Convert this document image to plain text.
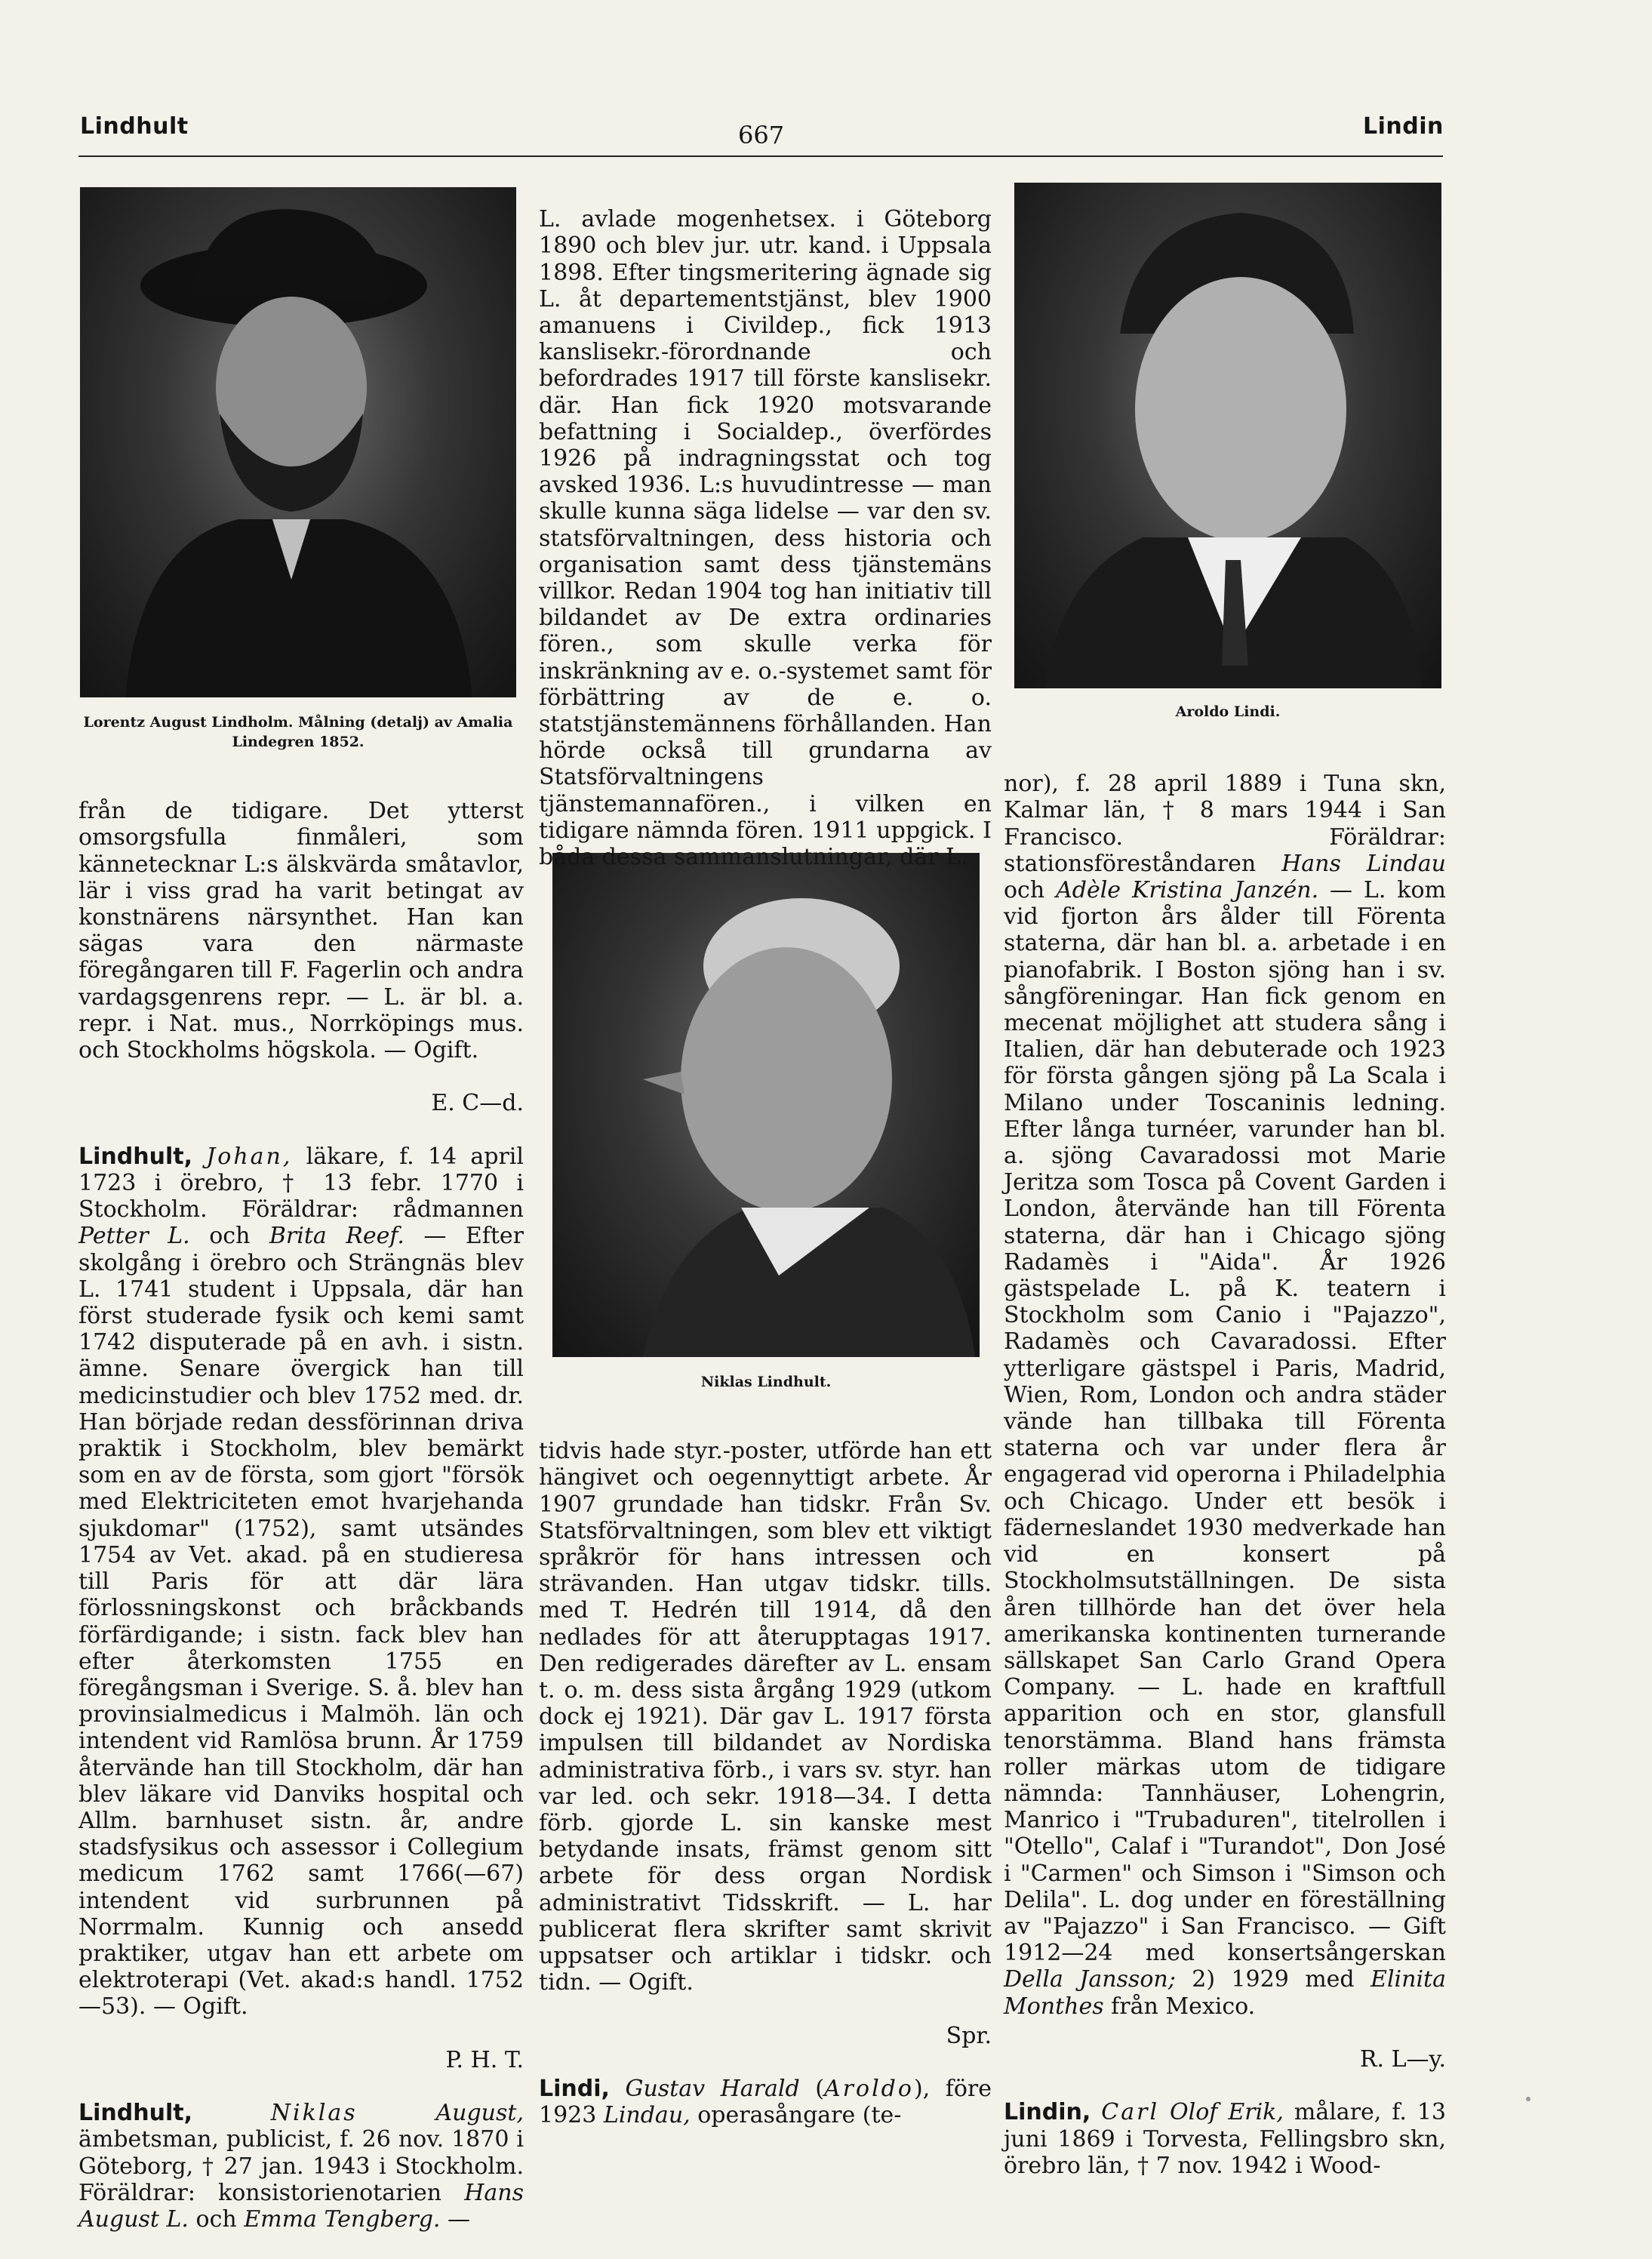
Lindhult	667	Lindin
Lorentz August Lindholm. Målning (detalj) av Amalia Lindegren 1852.
Niklas Lindhult.
Aroldo Lindi.

från de tidigare. Det ytterst omsorgsfulla finmåleri, som kännetecknar L:s älskvärda småtavlor, lär i viss grad ha varit betingat av konstnärens närsynthet. Han kan sägas vara den närmaste föregångaren till F. Fagerlin och andra vardagsgenrens repr. — L. är bl. a. repr. i Nat. mus., Norrköpings mus. och Stockholms högskola. — Ogift.

E. C—d.

Lindhult, Johan, läkare, f. 14 april 1723 i örebro, † 13 febr. 1770 i Stockholm. Föräldrar: rådmannen Petter L. och Brita Reef. — Efter skolgång i örebro och Strängnäs blev L. 1741 student i Uppsala, där han först studerade fysik och kemi samt 1742 disputerade på en avh. i sistn. ämne. Senare övergick han till medicinstudier och blev 1752 med. dr. Han började redan dessförinnan driva praktik i Stockholm, blev bemärkt som en av de första, som gjort "försök med Elektriciteten emot hvarjehanda sjukdomar" (1752), samt utsändes 1754 av Vet. akad. på en studieresa till Paris för att där lära förlossningskonst och bråckbands förfärdigande; i sistn. fack blev han efter återkomsten 1755 en föregångsman i Sverige. S. å. blev han provinsialmedicus i Malmöh. län och intendent vid Ramlösa brunn. År 1759 återvände han till Stockholm, där han blev läkare vid Danviks hospital och Allm. barnhuset sistn. år, andre stadsfysikus och assessor i Collegium medicum 1762 samt 1766(—67) intendent vid surbrunnen på Norrmalm. Kunnig och ansedd praktiker, utgav han ett arbete om elektroterapi (Vet. akad:s handl. 1752 —53). — Ogift.

P. H. T.

Lindhult,	Niklas August, ämbetsman, publicist, f. 26 nov. 1870 i Göteborg, † 27 jan. 1943 i Stockholm. Föräldrar: konsistorienotarien Hans August L. och Emma Tengberg. —

L. avlade mogenhetsex. i Göteborg 1890 och blev jur. utr. kand. i Uppsala 1898. Efter tingsmeritering ägnade sig L. åt departementstjänst, blev 1900 amanuens i Civildep., fick 1913 kanslisekr.-förordnande och befordrades 1917 till förste kanslisekr. där. Han fick 1920 motsvarande befattning i Socialdep., överfördes 1926 på indragningsstat och tog avsked 1936. L:s huvudintresse — man skulle kunna säga lidelse — var den sv. statsförvaltningen, dess historia och organisation samt dess tjänstemäns villkor. Redan 1904 tog han initiativ till bildandet av De extra ordinaries fören., som skulle verka för inskränkning av e. o.-systemet samt för förbättring av de e. o. statstjänstemännens förhållanden. Han hörde också till grundarna av Statsförvaltningens tjänstemannafören., i vilken en tidigare nämnda fören. 1911 uppgick. I båda dessa sammanslutningar, där L.

tidvis hade styr.-poster, utförde han ett hängivet och oegennyttigt arbete. År 1907 grundade han tidskr. Från Sv. Statsförvaltningen, som blev ett viktigt språkrör för hans intressen och strävanden. Han utgav tidskr. tills. med T. Hedrén till 1914, då den nedlades för att återupptagas 1917. Den redigerades därefter av L. ensam t. o. m. dess sista årgång 1929 (utkom dock ej 1921). Där gav L. 1917 första impulsen till bildandet av Nordiska administrativa förb., i vars sv. styr. han var led. och sekr. 1918—34. I detta förb. gjorde L. sin kanske mest betydande insats, främst genom sitt arbete för dess organ Nordisk administrativt Tidsskrift. — L. har publicerat flera skrifter samt skrivit uppsatser och artiklar i tidskr. och tidn. — Ogift.

Spr.

Lindi, Gustav Harald (Aroldo), före 1923 Lindau, operasångare (te-

nor), f. 28 april 1889 i Tuna skn, Kalmar län, † 8 mars 1944 i San Francisco. Föräldrar: stationsföreståndaren Hans Lindau och Adèle Kristina Janzén. — L. kom vid fjorton års ålder till Förenta staterna, där han bl. a. arbetade i en pianofabrik. I Boston sjöng han i sv. sångföreningar. Han fick genom en mecenat möjlighet att studera sång i Italien, där han debuterade och 1923 för första gången sjöng på La Scala i Milano under Toscaninis ledning. Efter långa turnéer, varunder han bl. a. sjöng Cavaradossi mot Marie Jeritza som Tosca på Covent Garden i London, återvände han till Förenta staterna, där han i Chicago sjöng Radamès i "Aida". År 1926 gästspelade L. på K. teatern i Stockholm som Canio i "Pajazzo", Radamès och Cavaradossi. Efter ytterligare gästspel i Paris, Madrid, Wien, Rom, London och andra städer vände han tillbaka till Förenta staterna och var under flera år engagerad vid operorna i Philadelphia och Chicago. Under ett besök i fäderneslandet 1930 medverkade han vid en konsert på Stockholmsutställningen. De sista åren tillhörde han det över hela amerikanska kontinenten turnerande sällskapet San Carlo Grand Opera Company. — L. hade en kraftfull apparition och en stor, glansfull tenorstämma. Bland hans främsta roller märkas utom de tidigare nämnda: Tannhäuser, Lohengrin, Manrico i "Trubaduren", titelrollen i "Otello", Calaf i "Turandot", Don José i "Carmen" och Simson i "Simson och Delila". L. dog under en föreställning av "Pajazzo" i San Francisco. — Gift 1912—24 med konsertsångerskan Della Jansson; 2) 1929 med Elinita Monthes från Mexico.

R. L—y.

Lindin, Carl Olof Erik, målare, f. 13 juni 1869 i Torvesta, Fellingsbro skn, örebro län, † 7 nov. 1942 i Wood-
